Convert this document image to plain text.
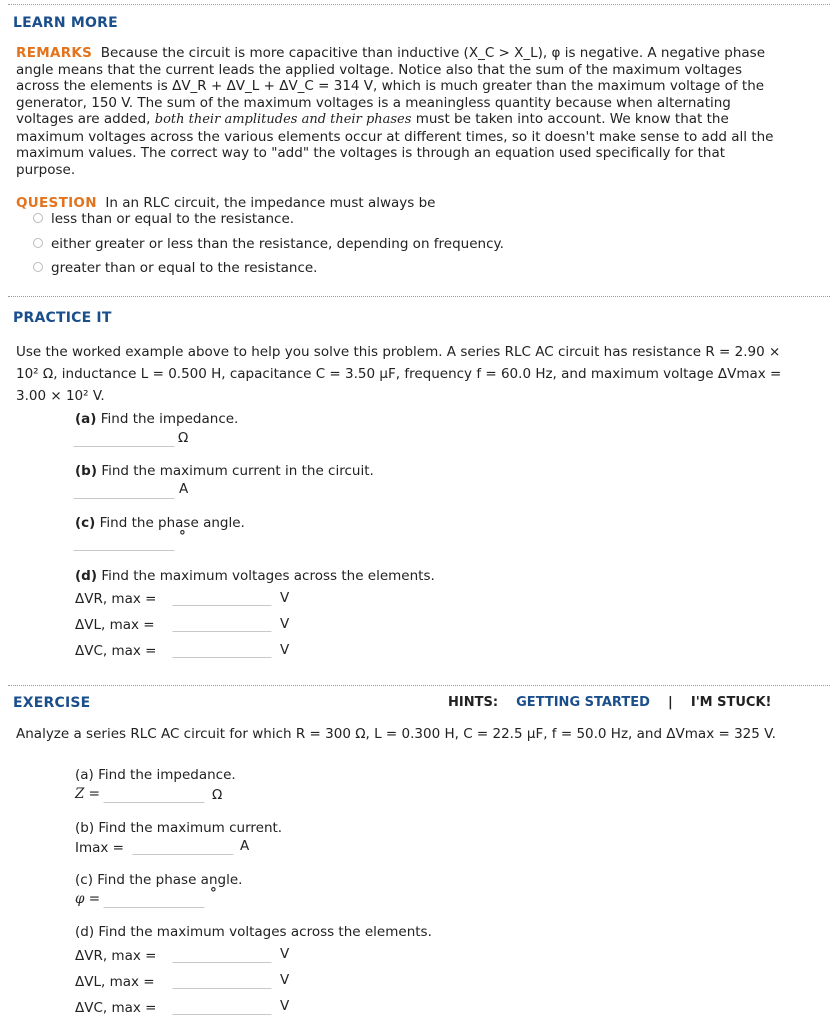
LEARN MORE
REMARKS Because the circuit is more capacitive than inductive (X_C > X_L), φ is negative. A negative phase angle means that the current leads the applied voltage. Notice also that the sum of the maximum voltages across the elements is ΔV_R + ΔV_L + ΔV_C = 314 V, which is much greater than the maximum voltage of the generator, 150 V. The sum of the maximum voltages is a meaningless quantity because when alternating voltages are added, both their amplitudes and their phases must be taken into account. We know that the maximum voltages across the various elements occur at different times, so it doesn't make sense to add all the maximum values. The correct way to "add" the voltages is through an equation used specifically for that purpose.
QUESTION In an RLC circuit, the impedance must always be
less than or equal to the resistance.
either greater or less than the resistance, depending on frequency.
greater than or equal to the resistance.
PRACTICE IT
Use the worked example above to help you solve this problem. A series RLC AC circuit has resistance R = 2.90 × 10² Ω, inductance L = 0.500 H, capacitance C = 3.50 µF, frequency f = 60.0 Hz, and maximum voltage ΔVmax = 3.00 × 10² V.
(a) Find the impedance.
Ω
(b) Find the maximum current in the circuit.
A
(c) Find the phase angle.
°
(d) Find the maximum voltages across the elements.
ΔVR, max =	V
ΔVL, max =	V
ΔVC, max =	V
EXERCISE	HINTS: GETTING STARTED | I'M STUCK!
Analyze a series RLC AC circuit for which R = 300 Ω, L = 0.300 H, C = 22.5 µF, f = 50.0 Hz, and ΔVmax = 325 V.
(a) Find the impedance.
Z =	Ω
(b) Find the maximum current.
Imax =	A
(c) Find the phase angle.
φ =	°
(d) Find the maximum voltages across the elements.
ΔVR, max =	V
ΔVL, max =	V
ΔVC, max =	V
